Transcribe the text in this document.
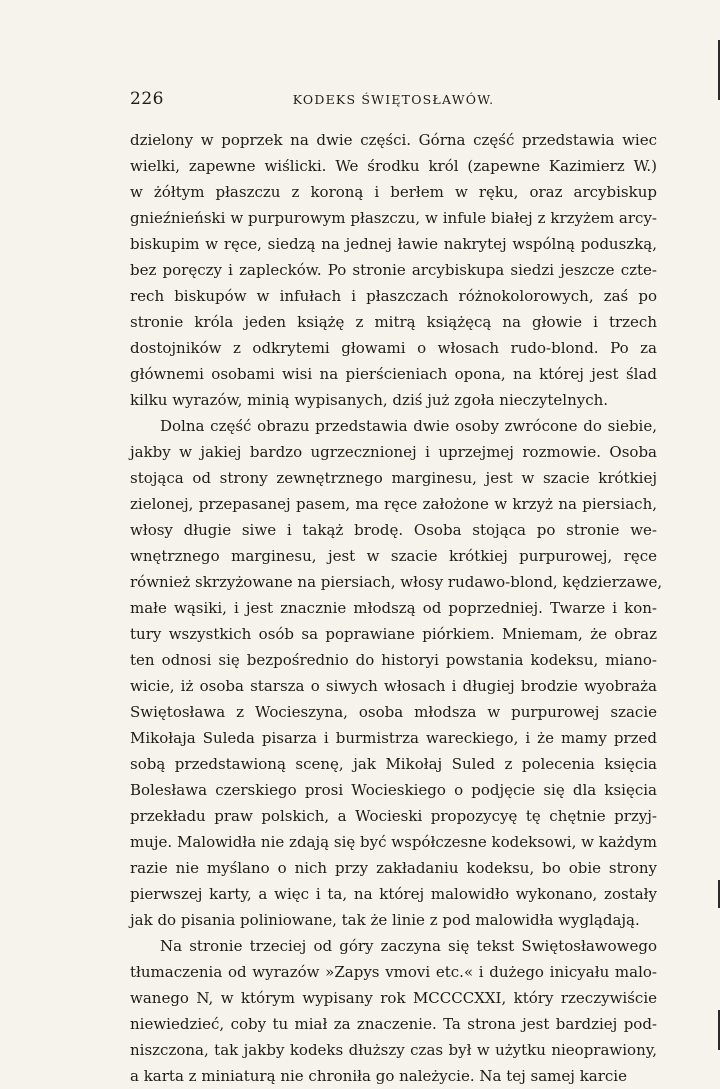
226	KODEKS ŚWIĘTOSŁAWÓW.
dzielony w poprzek na dwie części. Górna część przedstawia wiec
wielki, zapewne wiślicki. We środku król (zapewne Kazimierz W.)
w żółtym płaszczu z koroną i berłem w ręku, oraz arcybiskup
gnieźnieński w purpurowym płaszczu, w infule białej z krzyżem arcy-
biskupim w ręce, siedzą na jednej ławie nakrytej wspólną poduszką,
bez poręczy i zaplecków. Po stronie arcybiskupa siedzi jeszcze czte-
rech biskupów w infułach i płaszczach różnokolorowych, zaś po
stronie króla jeden książę z mitrą książęcą na głowie i trzech
dostojników z odkrytemi głowami o włosach rudo-blond. Po za
głównemi osobami wisi na pierścieniach opona, na której jest ślad
kilku wyrazów, minią wypisanych, dziś już zgoła nieczytelnych.
Dolna część obrazu przedstawia dwie osoby zwrócone do siebie,
jakby w jakiej bardzo ugrzecznionej i uprzejmej rozmowie. Osoba
stojąca od strony zewnętrznego marginesu, jest w szacie krótkiej
zielonej, przepasanej pasem, ma ręce założone w krzyż na piersiach,
włosy długie siwe i takąż brodę. Osoba stojąca po stronie we-
wnętrznego marginesu, jest w szacie krótkiej purpurowej, ręce
również skrzyżowane na piersiach, włosy rudawo-blond, kędzierzawe,
małe wąsiki, i jest znacznie młodszą od poprzedniej. Twarze i kon-
tury wszystkich osób sa poprawiane piórkiem. Mniemam, że obraz
ten odnosi się bezpośrednio do historyi powstania kodeksu, miano-
wicie, iż osoba starsza o siwych włosach i długiej brodzie wyobraża
Swiętosława z Wocieszyna, osoba młodsza w purpurowej szacie
Mikołaja Suleda pisarza i burmistrza wareckiego, i że mamy przed
sobą przedstawioną scenę, jak Mikołaj Suled z polecenia księcia
Bolesława czerskiego prosi Wocieskiego o podjęcie się dla księcia
przekładu praw polskich, a Wocieski propozycyę tę chętnie przyj-
muje. Malowidła nie zdają się być współczesne kodeksowi, w każdym
razie nie myślano o nich przy zakładaniu kodeksu, bo obie strony
pierwszej karty, a więc i ta, na której malowidło wykonano, zostały
jak do pisania poliniowane, tak że linie z pod malowidła wyglądają.
Na stronie trzeciej od góry zaczyna się tekst Swiętosławowego
tłumaczenia od wyrazów »Zapys vmovi etc.« i dużego inicyału malo-
wanego N, w którym wypisany rok MCCCCXXI, który rzeczywiście
niewiedzieć, coby tu miał za znaczenie. Ta strona jest bardziej pod-
niszczona, tak jakby kodeks dłuższy czas był w użytku nieoprawiony,
a karta z miniaturą nie chroniła go należycie. Na tej samej karcie
